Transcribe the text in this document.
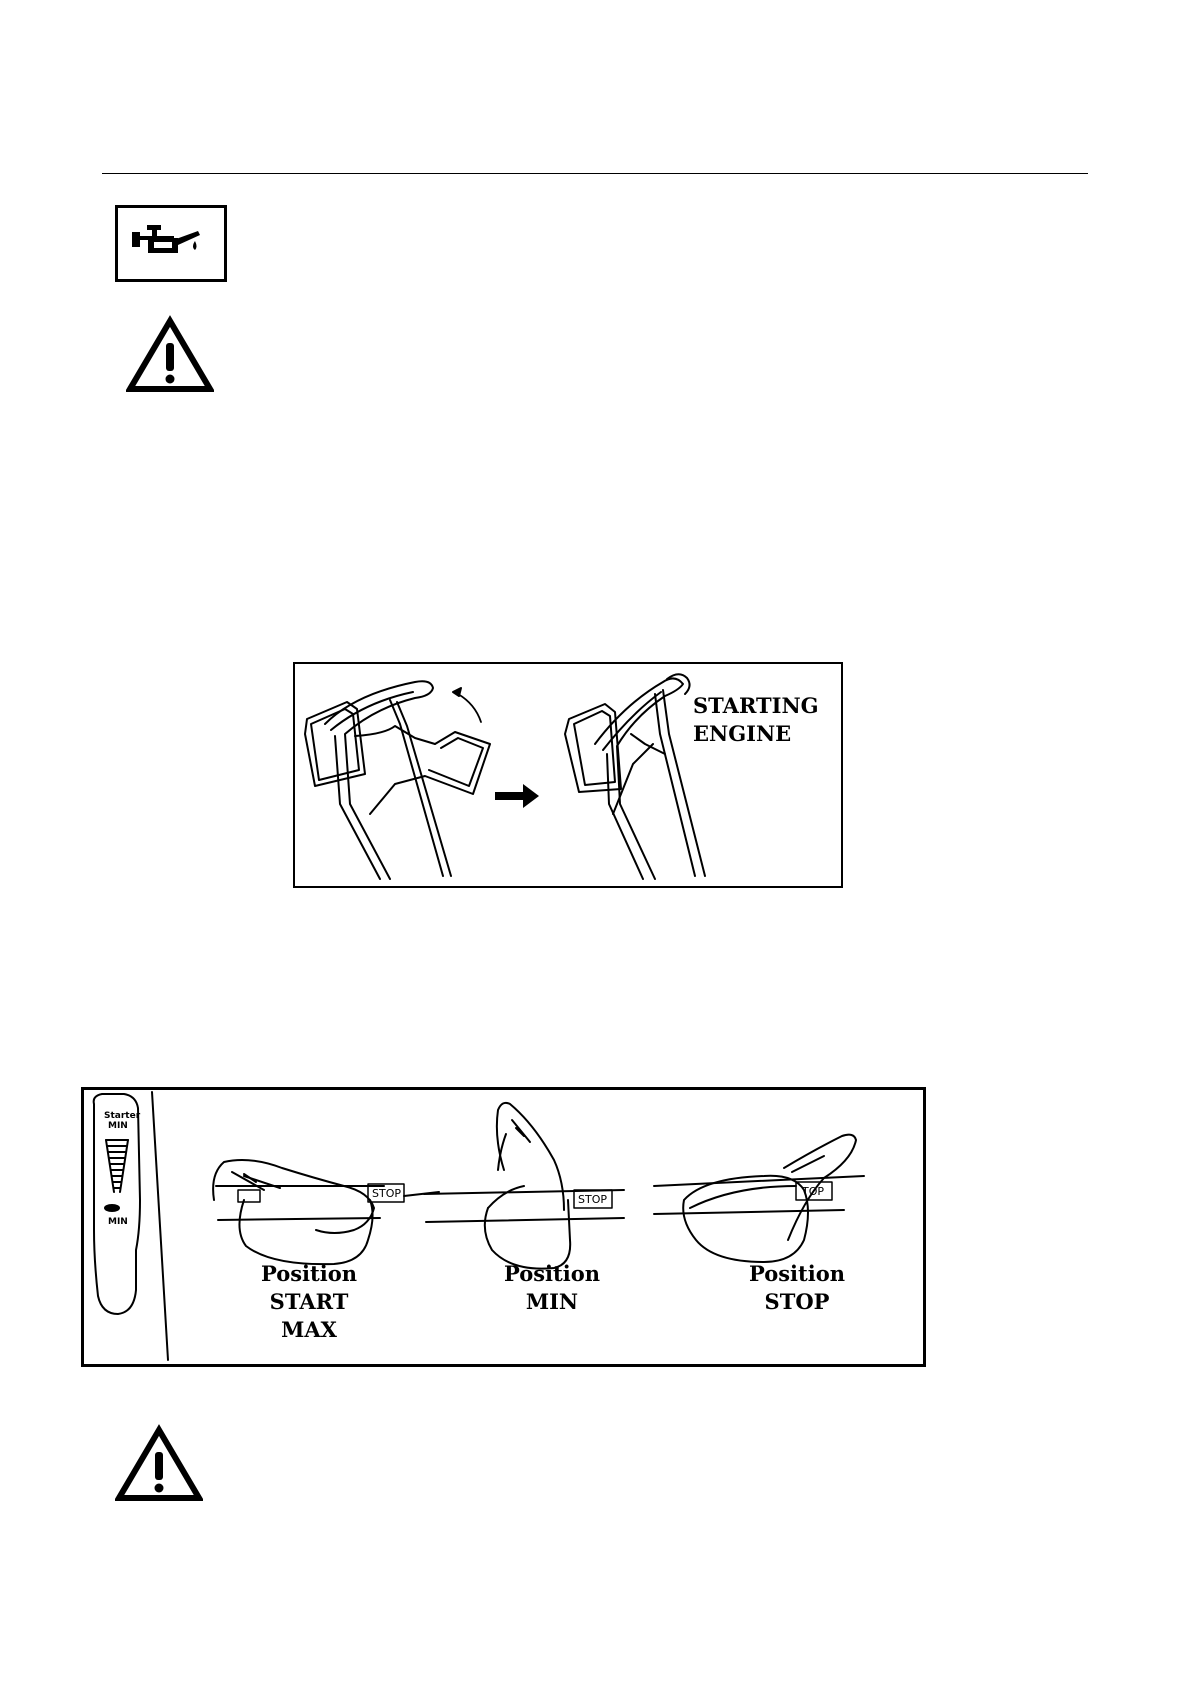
STARTING
ENGINE
Starter
MIN
MIN
STOP	STOP
TOP
Position
START
MAX
Position
MIN
Position
STOP
